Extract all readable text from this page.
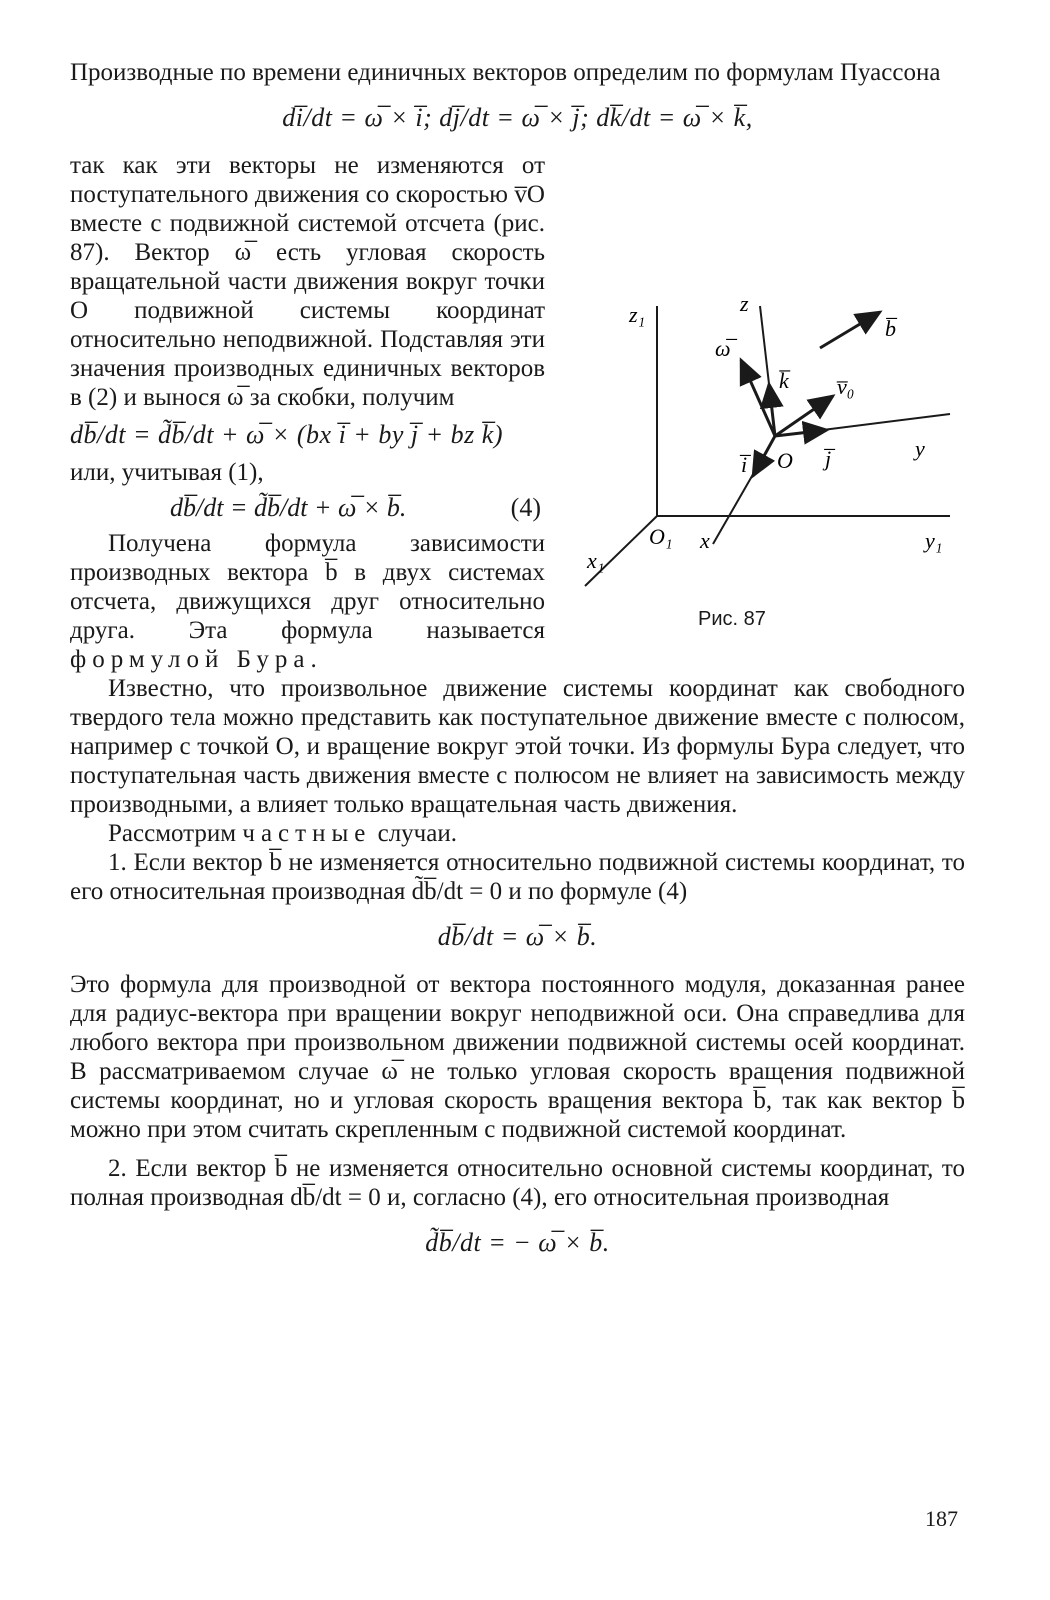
Производные по времени единичных векторов определим по формулам Пуассона

di̅/dt = ω̅ × i̅; dj̅/dt = ω̅ × j̅; dk̅/dt = ω̅ × k̅,
z₁
y₁
x₁
O₁
z
y
x
O
ω̅
b̅
k̅ v̅₀
i̅	j̅
Рис. 87

так как эти векторы не изменяются от поступательного движения со скоростью v̅O вместе с подвижной системой отсчета (рис. 87). Вектор ω̅ есть угловая скорость вращательной части движения вокруг точки O подвижной системы координат относительно неподвижной. Подставляя эти значения производных единичных векторов в (2) и вынося ω̅ за скобки, получим

db̅/dt = d̃b̅/dt + ω̅ × (bx i̅ + by j̅ + bz k̅)

или, учитывая (1),

db̅/dt = d̃b̅/dt + ω̅ × b̅.	(4)

Получена формула зависимости производных вектора b̅ в двух системах отсчета, движущихся друг относительно друга. Эта формула называется формулой Бура.

Известно, что произвольное движение системы координат как свободного твердого тела можно представить как поступательное движение вместе с полюсом, например с точкой O, и вращение вокруг этой точки. Из формулы Бура следует, что поступательная часть движения вместе с полюсом не влияет на зависимость между производными, а влияет только вращательная часть движения.

Рассмотрим частные случаи.

1. Если вектор b̅ не изменяется относительно подвижной системы координат, то его относительная производная d̃b̅/dt = 0 и по формуле (4)

db̅/dt = ω̅ × b̅.

Это формула для производной от вектора постоянного модуля, доказанная ранее для радиус-вектора при вращении вокруг неподвижной оси. Она справедлива для любого вектора при произвольном движении подвижной системы осей координат. В рассматриваемом случае ω̅ не только угловая скорость вращения подвижной системы координат, но и угловая скорость вращения вектора b̅, так как вектор b̅ можно при этом считать скрепленным с подвижной системой координат.

2. Если вектор b̅ не изменяется относительно основной системы координат, то полная производная db̅/dt = 0 и, согласно (4), его относительная производная

d̃b̅/dt = − ω̅ × b̅.
187
